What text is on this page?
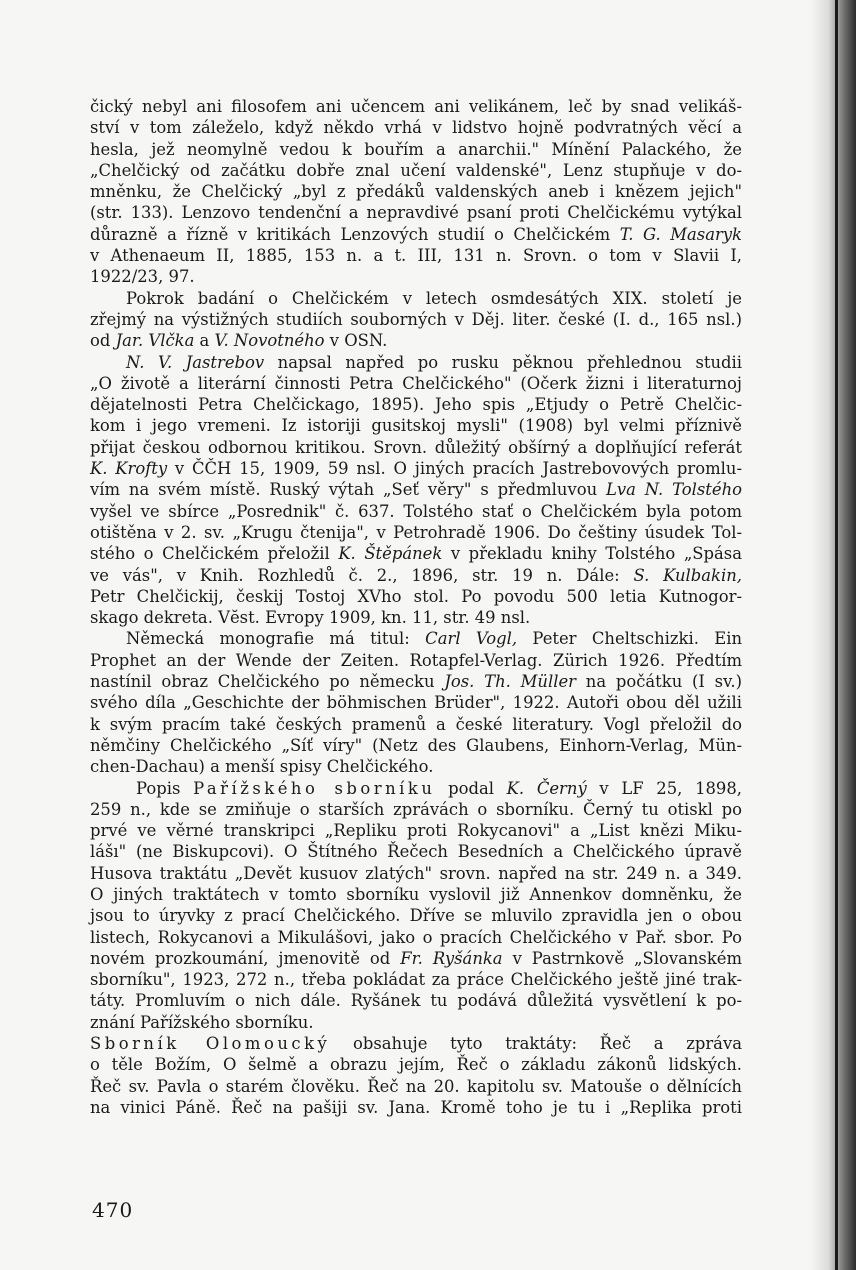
čický nebyl ani filosofem ani učencem ani velikánem, leč by snad velikáš-
ství v tom záleželo, když někdo vrhá v lidstvo hojně podvratných věcí a
hesla, jež neomylně vedou k bouřím a anarchii." Mínění Palackého, že
„Chelčický od začátku dobře znal učení valdenské", Lenz stupňuje v do-
mněnku, že Chelčický „byl z předáků valdenských aneb i knězem jejich"
(str. 133). Lenzovo tendenční a nepravdivé psaní proti Chelčickému vytýkal
důrazně a řízně v kritikách Lenzových studií o Chelčickém T. G. Masaryk
v Athenaeum II, 1885, 153 n. a t. III, 131 n. Srovn. o tom v Slavii I,
1922/23, 97.
Pokrok badání o Chelčickém v letech osmdesátých XIX. století je
zřejmý na výstižných studiích souborných v Děj. liter. české (I. d., 165 nsl.)
od Jar. Vlčka a V. Novotného v OSN.
N. V. Jastrebov napsal napřed po rusku pěknou přehlednou studii
„O životě a literární činnosti Petra Chelčického" (Očerk žizni i literaturnoj
dějatelnosti Petra Chelčickago, 1895). Jeho spis „Etjudy o Petrě Chelčic-
kom i jego vremeni. Iz istoriji gusitskoj mysli" (1908) byl velmi příznivě
přijat českou odbornou kritikou. Srovn. důležitý obšírný a doplňující referát
K. Krofty v ČČH 15, 1909, 59 nsl. O jiných pracích Jastrebovových promlu-
vím na svém místě. Ruský výtah „Seť věry" s předmluvou Lva N. Tolstého
vyšel ve sbírce „Posrednik" č. 637. Tolstého stať o Chelčickém byla potom
otištěna v 2. sv. „Krugu čtenija", v Petrohradě 1906. Do češtiny úsudek Tol-
stého o Chelčickém přeložil K. Štěpánek v překladu knihy Tolstého „Spása
ve vás", v Knih. Rozhledů č. 2., 1896, str. 19 n. Dále: S. Kulbakin,
Petr Chelčickij, českij Tostoj XVho stol. Po povodu 500 letia Kutnogor-
skago dekreta. Vĕst. Evropy 1909, kn. 11, str. 49 nsl.
Německá monografie má titul: Carl Vogl, Peter Cheltschizki. Ein
Prophet an der Wende der Zeiten. Rotapfel-Verlag. Zürich 1926. Předtím
nastínil obraz Chelčického po německu Jos. Th. Müller na počátku (I sv.)
svého díla „Geschichte der böhmischen Brüder", 1922. Autoři obou děl užili
k svým pracím také českých pramenů a české literatury. Vogl přeložil do
němčiny Chelčického „Síť víry" (Netz des Glaubens, Einhorn-Verlag, Mün-
chen-Dachau) a menší spisy Chelčického.
Popis Pařížského sborníku podal K. Černý v LF 25, 1898,
259 n., kde se zmiňuje o starších zprávách o sborníku. Černý tu otiskl po
prvé ve věrné transkripci „Repliku proti Rokycanovi" a „List knězi Miku-
lášı" (ne Biskupcovi). O Štítného Řečech Besedních a Chelčického úpravě
Husova traktátu „Devět kusuov zlatých" srovn. napřed na str. 249 n. a 349.
O jiných traktátech v tomto sborníku vyslovil již Annenkov domněnku, že
jsou to úryvky z prací Chelčického. Dříve se mluvilo zpravidla jen o obou
listech, Rokycanovi a Mikulášovi, jako o pracích Chelčického v Pař. sbor. Po
novém prozkoumání, jmenovitě od Fr. Ryšánka v Pastrnkově „Slovanském
sborníku", 1923, 272 n., třeba pokládat za práce Chelčického ještě jiné trak-
táty. Promluvím o nich dále. Ryšánek tu podává důležitá vysvětlení k po-
znání Pařížského sborníku.
Sborník Olomoucký obsahuje tyto traktáty: Řeč a zpráva
o těle Božím, O šelmě a obrazu jejím, Řeč o základu zákonů lidských.
Řeč sv. Pavla o starém člověku. Řeč na 20. kapitolu sv. Matouše o dělnících
na vinici Páně. Řeč na pašiji sv. Jana. Kromě toho je tu i „Replika proti
470
